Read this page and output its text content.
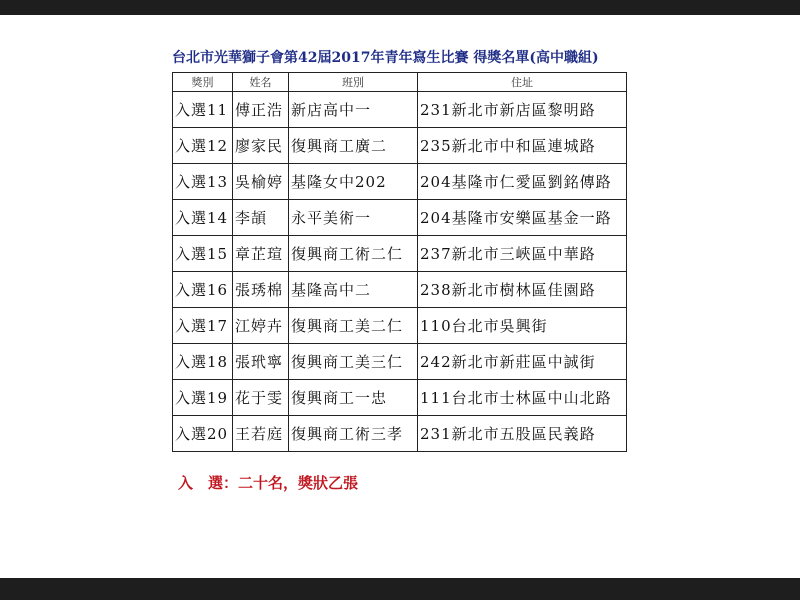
台北市光華獅子會第42屆2017年青年寫生比賽 得獎名單(高中職組)
獎別	姓名	班別	住址
入選11	傅正浩	新店高中一	231新北市新店區黎明路
入選12	廖家民	復興商工廣二	235新北市中和區連城路
入選13	吳榆婷	基隆女中202	204基隆市仁愛區劉銘傳路
入選14	李頡	永平美術一	204基隆市安樂區基金一路
入選15	章芷瑄	復興商工術二仁	237新北市三峽區中華路
入選16	張琇棉	基隆高中二	238新北市樹林區佳園路
入選17	江婷卉	復興商工美二仁	110台北市吳興街
入選18	張玳寧	復興商工美三仁	242新北市新莊區中誠街
入選19	花于雯	復興商工一忠	111台北市士林區中山北路
入選20	王若庭	復興商工術三孝	231新北市五股區民義路
入　選：二十名，獎狀乙張
